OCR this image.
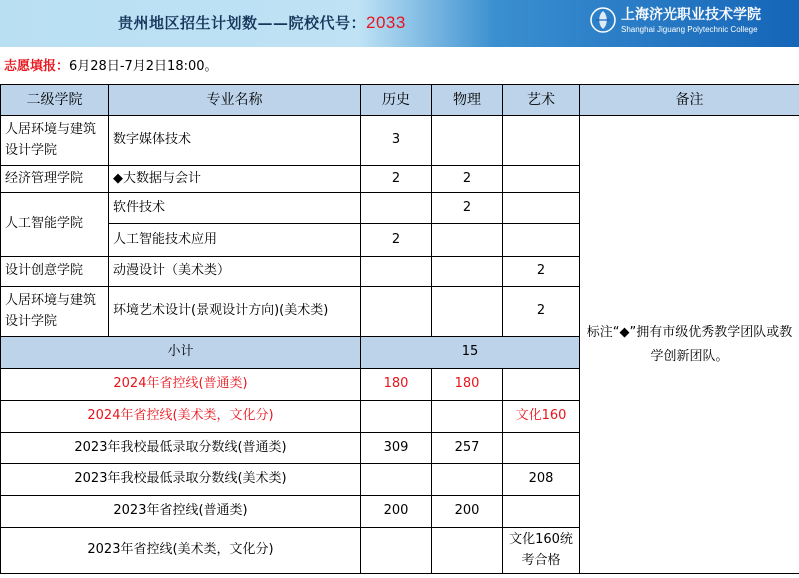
贵州地区招生计划数——院校代号：2033	上海济光职业技术学院
Shanghai Jiguang Polytechnic College
志愿填报：6月28日-7月2日18:00。
二级学院	专业名称	历史	物理	艺术	备注
人居环境与建筑设计学院	数字媒体技术	3			标注“◆”拥有市级优秀教学团队或教学创新团队。
经济管理学院	◆大数据与会计	2	2		
人工智能学院	软件技术		2		
	人工智能技术应用	2			
设计创意学院	动漫设计（美术类）			2	
人居环境与建筑设计学院	环境艺术设计(景观设计方向)(美术类)			2	
小计		15			
2024年省控线(普通类)		180	180		
2024年省控线(美术类，文化分)				文化160	
2023年我校最低录取分数线(普通类)		309	257		
2023年我校最低录取分数线(美术类)				208	
2023年省控线(普通类)		200	200		
2023年省控线(美术类，文化分)				文化160统考合格	
